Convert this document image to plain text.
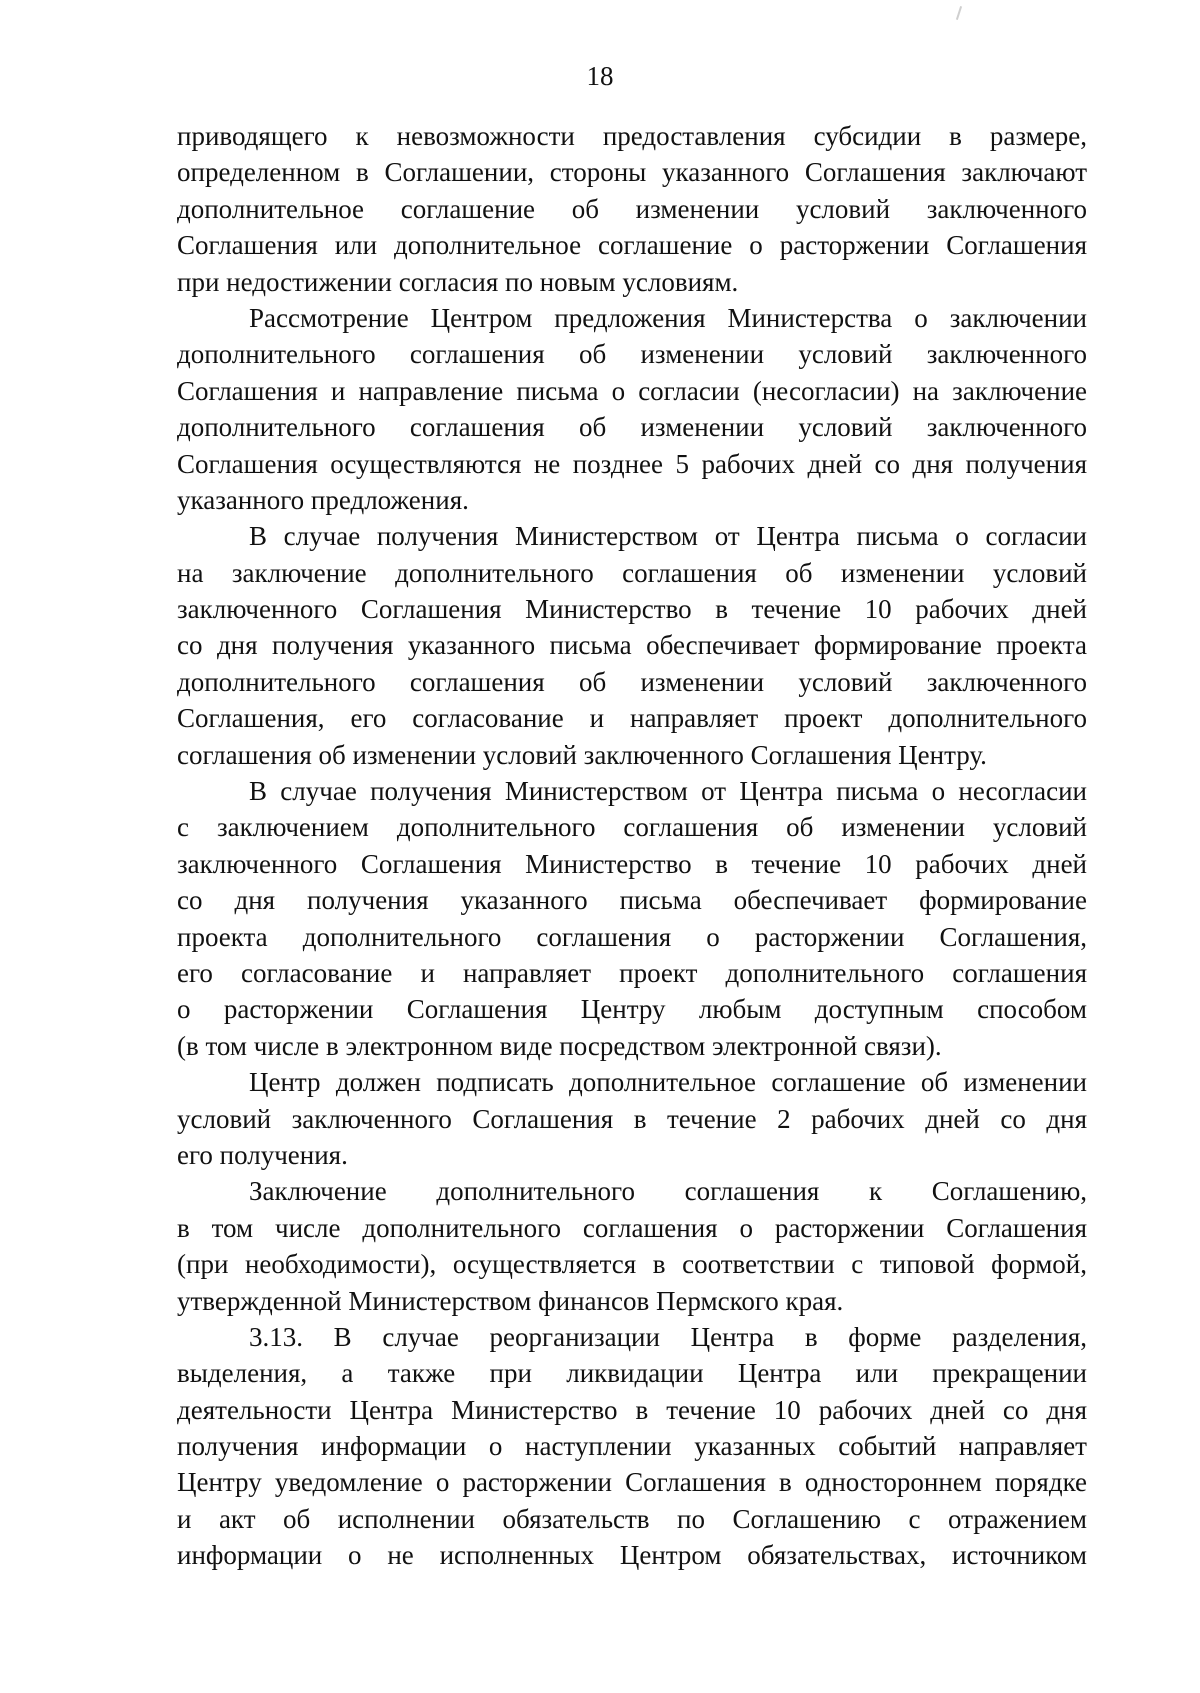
18

приводящего к невозможности предоставления субсидии в размере,
определенном в Соглашении, стороны указанного Соглашения заключают
дополнительное соглашение об изменении условий заключенного
Соглашения или дополнительное соглашение о расторжении Соглашения
при недостижении согласия по новым условиям.

Рассмотрение Центром предложения Министерства о заключении
дополнительного соглашения об изменении условий заключенного
Соглашения и направление письма о согласии (несогласии) на заключение
дополнительного соглашения об изменении условий заключенного
Соглашения осуществляются не позднее 5 рабочих дней со дня получения
указанного предложения.

В случае получения Министерством от Центра письма о согласии
на заключение дополнительного соглашения об изменении условий
заключенного Соглашения Министерство в течение 10 рабочих дней
со дня получения указанного письма обеспечивает формирование проекта
дополнительного соглашения об изменении условий заключенного
Соглашения, его согласование и направляет проект дополнительного
соглашения об изменении условий заключенного Соглашения Центру.

В случае получения Министерством от Центра письма о несогласии
с заключением дополнительного соглашения об изменении условий
заключенного Соглашения Министерство в течение 10 рабочих дней
со дня получения указанного письма обеспечивает формирование
проекта дополнительного соглашения о расторжении Соглашения,
его согласование и направляет проект дополнительного соглашения
о расторжении Соглашения Центру любым доступным способом
(в том числе в электронном виде посредством электронной связи).

Центр должен подписать дополнительное соглашение об изменении
условий заключенного Соглашения в течение 2 рабочих дней со дня
его получения.

Заключение дополнительного соглашения к Соглашению,
в том числе дополнительного соглашения о расторжении Соглашения
(при необходимости), осуществляется в соответствии с типовой формой,
утвержденной Министерством финансов Пермского края.

3.13. В случае реорганизации Центра в форме разделения,
выделения, а также при ликвидации Центра или прекращении
деятельности Центра Министерство в течение 10 рабочих дней со дня
получения информации о наступлении указанных событий направляет
Центру уведомление о расторжении Соглашения в одностороннем порядке
и акт об исполнении обязательств по Соглашению с отражением
информации о не исполненных Центром обязательствах, источником
